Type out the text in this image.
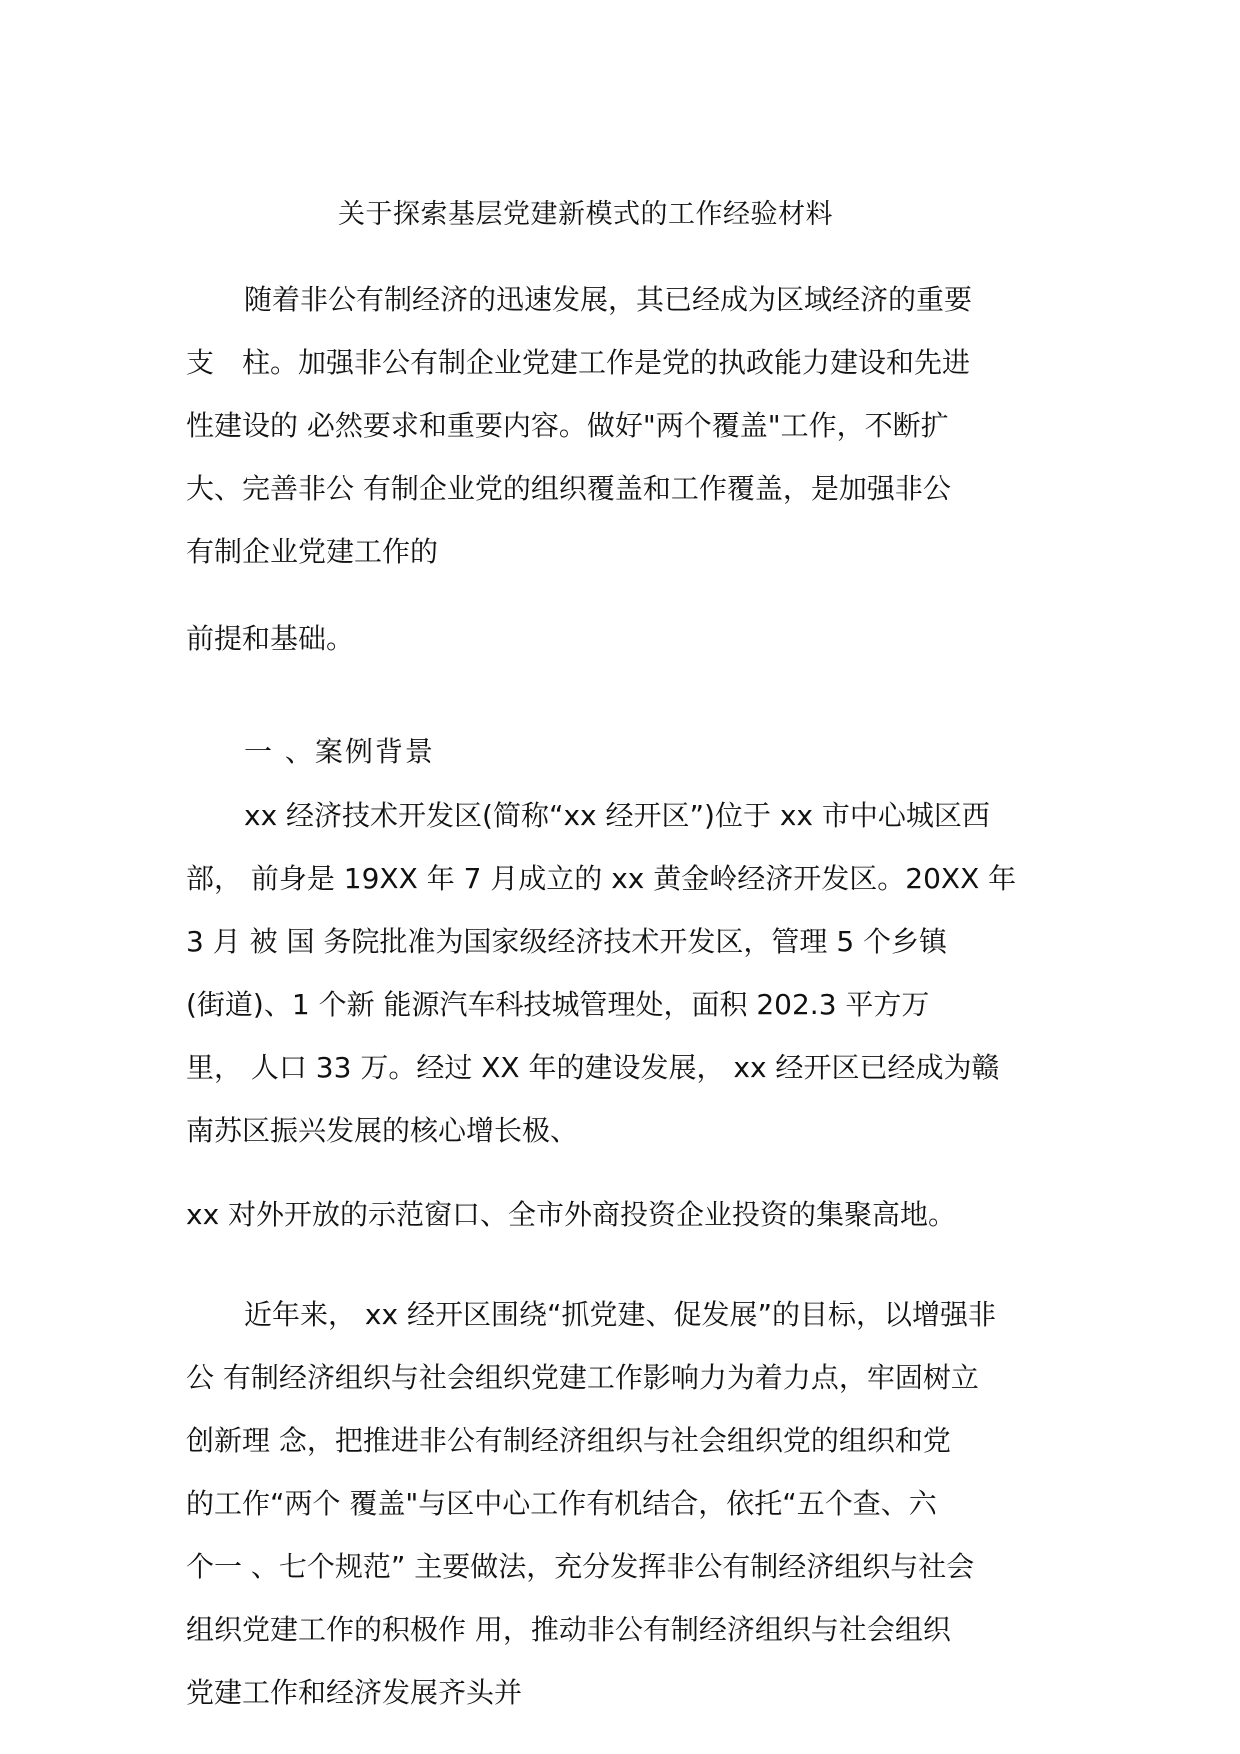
关于探索基层党建新模式的工作经验材料
随着非公有制经济的迅速发展，其已经成为区域经济的重要
支　柱。加强非公有制企业党建工作是党的执政能力建设和先进
性建设的 必然要求和重要内容。做好"两个覆盖"工作，不断扩
大、完善非公 有制企业党的组织覆盖和工作覆盖，是加强非公
有制企业党建工作的
前提和基础。
一 、案例背景
xx 经济技术开发区(简称“xx 经开区”)位于 xx 市中心城区西
部， 前身是 19XX 年 7 月成立的 xx 黄金岭经济开发区。20XX 年
3 月 被 国 务院批准为国家级经济技术开发区，管理 5 个乡镇
(街道)、1 个新 能源汽车科技城管理处，面积 202.3 平方万
里， 人口 33 万。经过 XX 年的建设发展， xx 经开区已经成为赣
南苏区振兴发展的核心增长极、
xx 对外开放的示范窗口、全市外商投资企业投资的集聚高地。
近年来， xx 经开区围绕“抓党建、促发展”的目标，以增强非
公 有制经济组织与社会组织党建工作影响力为着力点，牢固树立
创新理 念，把推进非公有制经济组织与社会组织党的组织和党
的工作“两个 覆盖"与区中心工作有机结合，依托“五个查、六
个一 、七个规范” 主要做法，充分发挥非公有制经济组织与社会
组织党建工作的积极作 用，推动非公有制经济组织与社会组织
党建工作和经济发展齐头并
